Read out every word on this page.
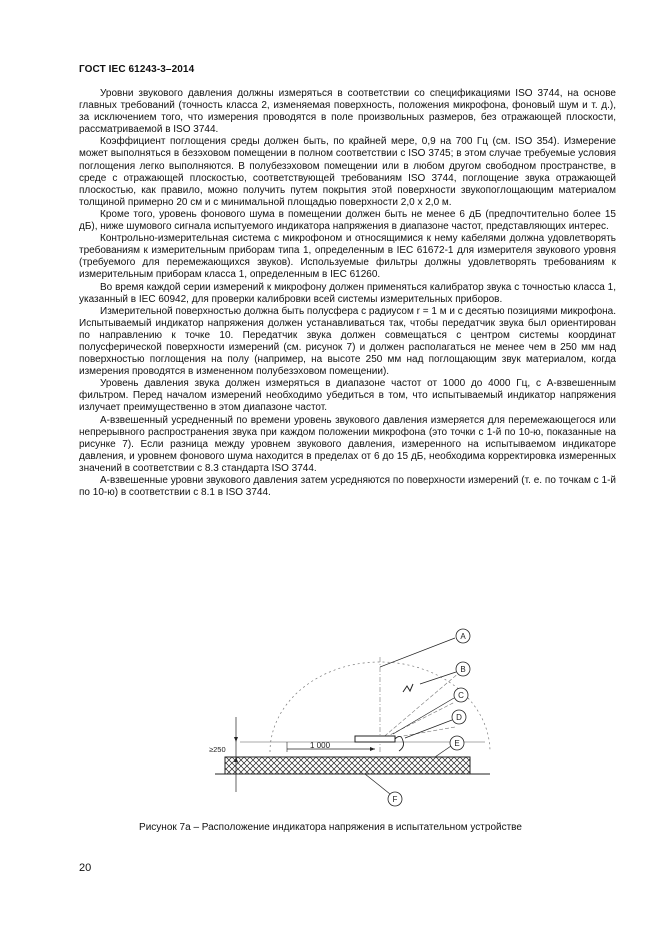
ГОСТ IEC 61243-3–2014

Уровни звукового давления должны измеряться в соответствии со спецификациями ISO 3744, на основе главных требований (точность класса 2, изменяемая поверхность, положения микрофона, фоновый шум и т. д.), за исключением того, что измерения проводятся в поле произвольных размеров, без отражающей плоскости, рассматриваемой в ISO 3744.

Коэффициент поглощения среды должен быть, по крайней мере, 0,9 на 700 Гц (см. ISO 354). Измерение может выполняться в безэховом помещении в полном соответствии с ISO 3745; в этом случае требуемые условия поглощения легко выполняются. В полубезэховом помещении или в любом другом свободном пространстве, в среде с отражающей плоскостью, соответствующей требованиям ISO 3744, поглощение звука отражающей плоскостью, как правило, можно получить путем покрытия этой поверхности звукопоглощающим материалом толщиной примерно 20 см и с минимальной площадью поверхности 2,0 х 2,0 м.

Кроме того, уровень фонового шума в помещении должен быть не менее 6 дБ (предпочтительно более 15 дБ), ниже шумового сигнала испытуемого индикатора напряжения в диапазоне частот, представляющих интерес.

Контрольно-измерительная система с микрофоном и относящимися к нему кабелями должна удовлетворять требованиям к измерительным приборам типа 1, определенным в IEC 61672-1 для измерителя звукового уровня (требуемого для перемежающихся звуков). Используемые фильтры должны удовлетворять требованиям к измерительным приборам класса 1, определенным в IEC 61260.

Во время каждой серии измерений к микрофону должен применяться калибратор звука с точностью класса 1, указанный в IEC 60942, для проверки калибровки всей системы измерительных приборов.

Измерительной поверхностью должна быть полусфера с радиусом r = 1 м и с десятью позициями микрофона. Испытываемый индикатор напряжения должен устанавливаться так, чтобы передатчик звука был ориентирован по направлению к точке 10. Передатчик звука должен совмещаться с центром системы координат полусферической поверхности измерений (см. рисунок 7) и должен располагаться не менее чем в 250 мм над поверхностью поглощения на полу (например, на высоте 250 мм над поглощающим звук материалом, когда измерения проводятся в измененном полубезэховом помещении).

Уровень давления звука должен измеряться в диапазоне частот от 1000 до 4000 Гц, с А-взвешенным фильтром. Перед началом измерений необходимо убедиться в том, что испытываемый индикатор напряжения излучает преимущественно в этом диапазоне частот.

А-взвешенный усредненный по времени уровень звукового давления измеряется для перемежающегося или непрерывного распространения звука при каждом положении микрофона (это точки с 1-й по 10-ю, показанные на рисунке 7). Если разница между уровнем звукового давления, измеренного на испытываемом индикаторе давления, и уровнем фонового шума находится в пределах от 6 до 15 дБ, необходима корректировка измеренных значений в соответствии с 8.3 стандарта ISO 3744.

А-взвешенные уровни звукового давления затем усредняются по поверхности измерений (т. е. по точкам с 1-й по 10-ю) в соответствии с 8.1 в ISO 3744.

1 000
≥250
A
B
C
D
E
F
Рисунок 7а – Расположение индикатора напряжения в испытательном устройстве
20
